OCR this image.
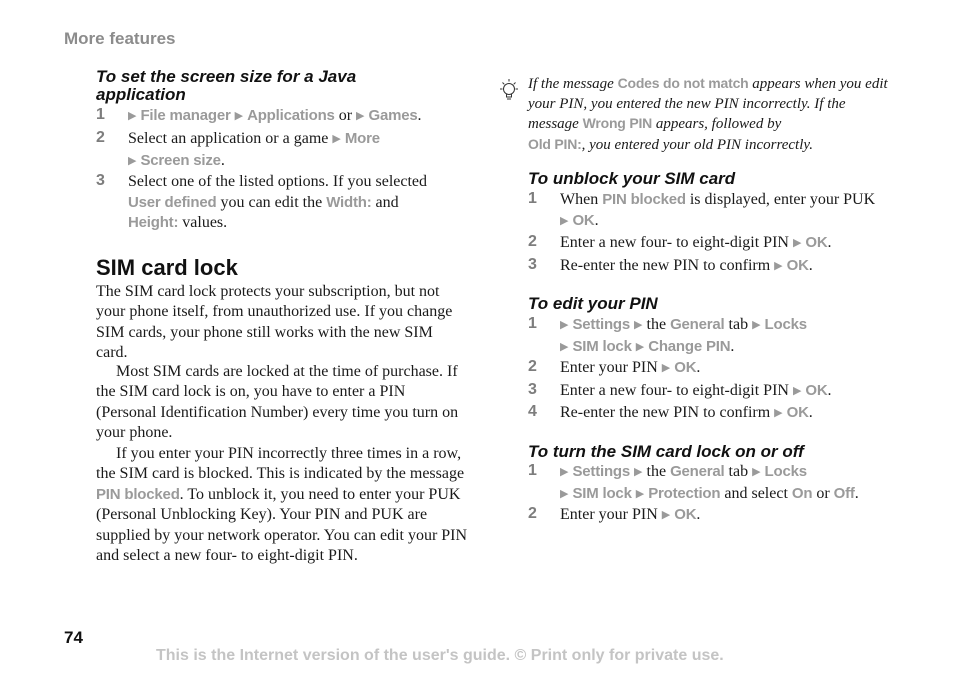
More features
To set the screen size for a Java application
1 ▶ File manager ▶ Applications or ▶ Games.
2 Select an application or a game ▶ More
▶ Screen size.
3 Select one of the listed options. If you selected
User defined you can edit the Width: and
Height: values.
SIM card lock
The SIM card lock protects your subscription, but not your phone itself, from unauthorized use. If you change SIM cards, your phone still works with the new SIM card.
Most SIM cards are locked at the time of purchase. If the SIM card lock is on, you have to enter a PIN (Personal Identification Number) every time you turn on your phone.
If you enter your PIN incorrectly three times in a row, the SIM card is blocked. This is indicated by the message PIN blocked. To unblock it, you need to enter your PUK (Personal Unblocking Key). Your PIN and PUK are supplied by your network operator. You can edit your PIN and select a new four- to eight-digit PIN.
If the message Codes do not match appears when you edit your PIN, you entered the new PIN incorrectly. If the message Wrong PIN appears, followed by
Old PIN:, you entered your old PIN incorrectly.
To unblock your SIM card
1 When PIN blocked is displayed, enter your PUK ▶ OK.
2 Enter a new four- to eight-digit PIN ▶ OK.
3 Re-enter the new PIN to confirm ▶ OK.
To edit your PIN
1 ▶ Settings ▶ the General tab ▶ Locks
▶ SIM lock ▶ Change PIN.
2 Enter your PIN ▶ OK.
3 Enter a new four- to eight-digit PIN ▶ OK.
4 Re-enter the new PIN to confirm ▶ OK.
To turn the SIM card lock on or off
1 ▶ Settings ▶ the General tab ▶ Locks
▶ SIM lock ▶ Protection and select On or Off.
2 Enter your PIN ▶ OK.
74
This is the Internet version of the user's guide. © Print only for private use.
